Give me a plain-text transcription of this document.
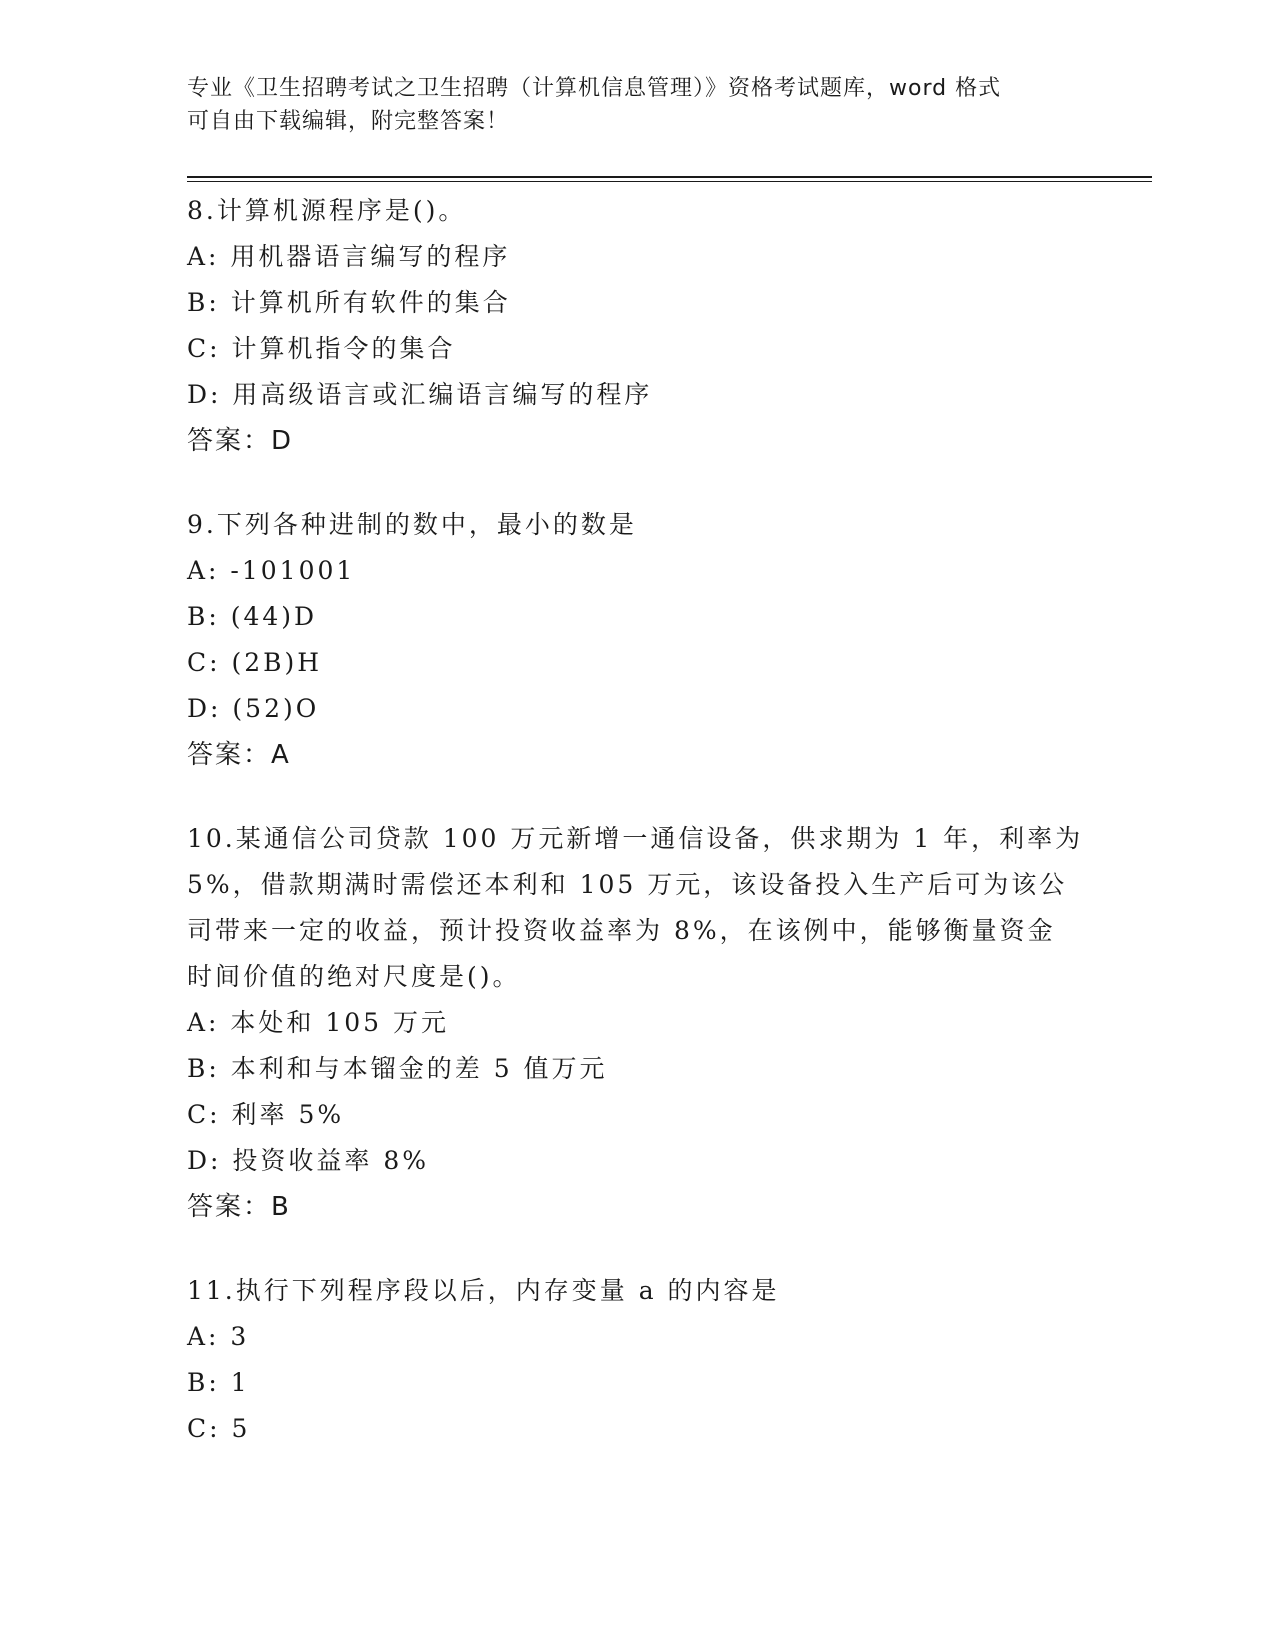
专业《卫生招聘考试之卫生招聘（计算机信息管理）》资格考试题库，word 格式
可自由下载编辑，附完整答案！
8.计算机源程序是()。
A: 用机器语言编写的程序
B: 计算机所有软件的集合
C: 计算机指令的集合
D: 用高级语言或汇编语言编写的程序
答案：D
9.下列各种进制的数中，最小的数是
A: -101001
B: (44)D
C: (2B)H
D: (52)O
答案：A
10.某通信公司贷款 100 万元新增一通信设备，供求期为 1 年，利率为
5%，借款期满时需偿还本利和 105 万元，该设备投入生产后可为该公
司带来一定的收益，预计投资收益率为 8%，在该例中，能够衡量资金
时间价值的绝对尺度是()。
A: 本处和 105 万元
B: 本利和与本镏金的差 5 值万元
C: 利率 5%
D: 投资收益率 8%
答案：B
11.执行下列程序段以后，内存变量 a 的内容是
A: 3
B: 1
C: 5
